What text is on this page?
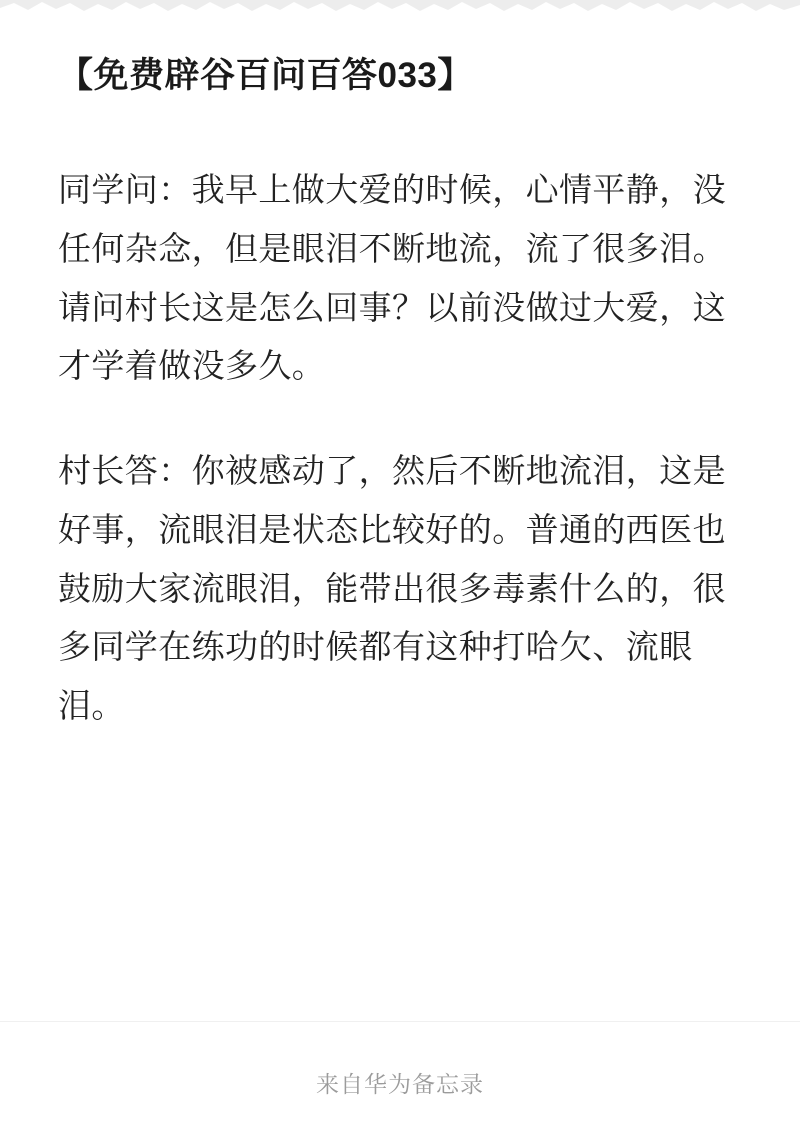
【免费辟谷百问百答033】

同学问：我早上做大爱的时候，心情平静，没任何杂念，但是眼泪不断地流，流了很多泪。请问村长这是怎么回事？以前没做过大爱，这才学着做没多久。

村长答：你被感动了，然后不断地流泪，这是好事，流眼泪是状态比较好的。普通的西医也鼓励大家流眼泪，能带出很多毒素什么的，很多同学在练功的时候都有这种打哈欠、流眼泪。

来自华为备忘录
